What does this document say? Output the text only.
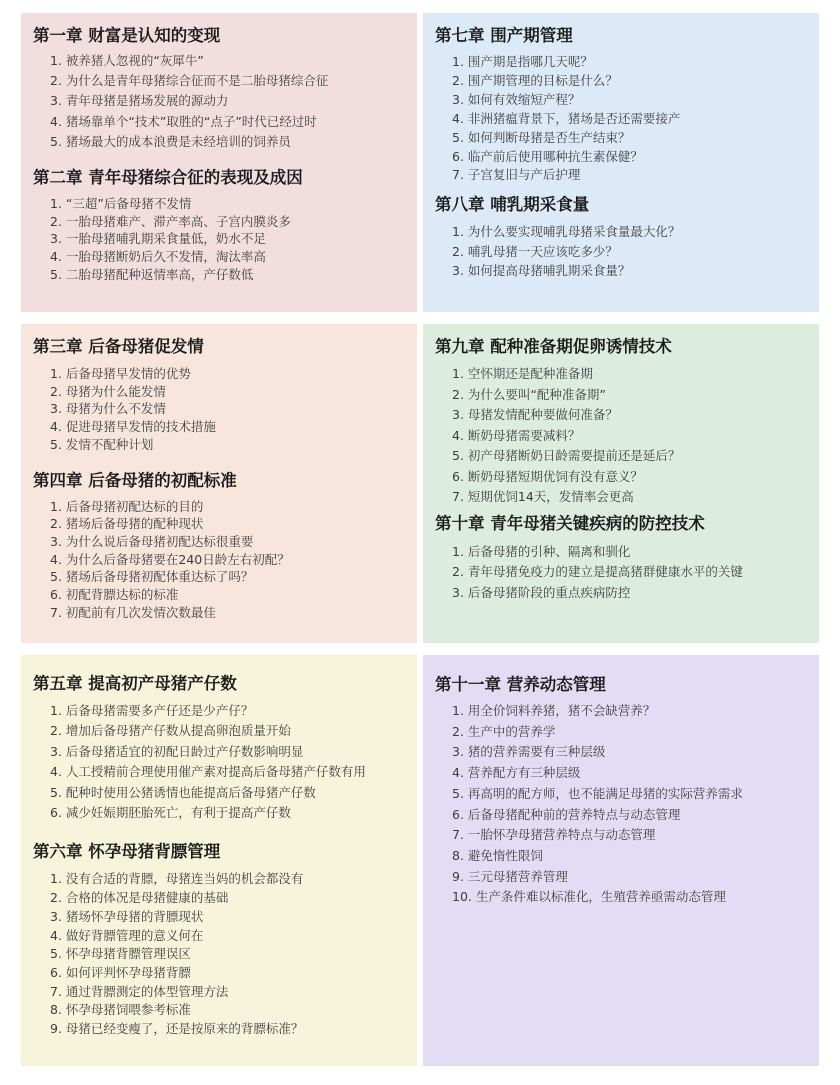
第一章 财富是认知的变现
1. 被养猪人忽视的“灰犀牛”
2. 为什么是青年母猪综合征而不是二胎母猪综合征
3. 青年母猪是猪场发展的源动力
4. 猪场靠单个“技术”取胜的“点子”时代已经过时
5. 猪场最大的成本浪费是未经培训的饲养员
第二章 青年母猪综合征的表现及成因
1. “三超”后备母猪不发情
2. 一胎母猪难产、滞产率高、子宫内膜炎多
3. 一胎母猪哺乳期采食量低，奶水不足
4. 一胎母猪断奶后久不发情，淘汰率高
5. 二胎母猪配种返情率高，产仔数低
第七章 围产期管理
1. 围产期是指哪几天呢？
2. 围产期管理的目标是什么？
3. 如何有效缩短产程？
4. 非洲猪瘟背景下，猪场是否还需要接产
5. 如何判断母猪是否生产结束？
6. 临产前后使用哪种抗生素保健？
7. 子宫复旧与产后护理
第八章 哺乳期采食量
1. 为什么要实现哺乳母猪采食量最大化？
2. 哺乳母猪一天应该吃多少？
3. 如何提高母猪哺乳期采食量？
第三章 后备母猪促发情
1. 后备母猪早发情的优势
2. 母猪为什么能发情
3. 母猪为什么不发情
4. 促进母猪早发情的技术措施
5. 发情不配种计划
第四章 后备母猪的初配标准
1. 后备母猪初配达标的目的
2. 猪场后备母猪的配种现状
3. 为什么说后备母猪初配达标很重要
4. 为什么后备母猪要在240日龄左右初配？
5. 猪场后备母猪初配体重达标了吗？
6. 初配背膘达标的标准
7. 初配前有几次发情次数最佳
第九章 配种准备期促卵诱情技术
1. 空怀期还是配种准备期
2. 为什么要叫“配种准备期”
3. 母猪发情配种要做何准备？
4. 断奶母猪需要减料？
5. 初产母猪断奶日龄需要提前还是延后？
6. 断奶母猪短期优饲有没有意义？
7. 短期优饲14天，发情率会更高
第十章 青年母猪关键疾病的防控技术
1. 后备母猪的引种、隔离和驯化
2. 青年母猪免疫力的建立是提高猪群健康水平的关键
3. 后备母猪阶段的重点疾病防控
第五章 提高初产母猪产仔数
1. 后备母猪需要多产仔还是少产仔？
2. 增加后备母猪产仔数从提高卵泡质量开始
3. 后备母猪适宜的初配日龄过产仔数影响明显
4. 人工授精前合理使用催产素对提高后备母猪产仔数有用
5. 配种时使用公猪诱情也能提高后备母猪产仔数
6. 减少妊娠期胚胎死亡，有利于提高产仔数
第六章 怀孕母猪背膘管理
1. 没有合适的背膘，母猪连当妈的机会都没有
2. 合格的体况是母猪健康的基础
3. 猪场怀孕母猪的背膘现状
4. 做好背膘管理的意义何在
5. 怀孕母猪背膘管理误区
6. 如何评判怀孕母猪背膘
7. 通过背膘测定的体型管理方法
8. 怀孕母猪饲喂参考标准
9. 母猪已经变瘦了，还是按原来的背膘标准？
第十一章 营养动态管理
1. 用全价饲料养猪，猪不会缺营养？
2. 生产中的营养学
3. 猪的营养需要有三种层级
4. 营养配方有三种层级
5. 再高明的配方师，也不能满足母猪的实际营养需求
6. 后备母猪配种前的营养特点与动态管理
7. 一胎怀孕母猪营养特点与动态管理
8. 避免惰性限饲
9. 三元母猪营养管理
10. 生产条件难以标准化，生殖营养亟需动态管理
